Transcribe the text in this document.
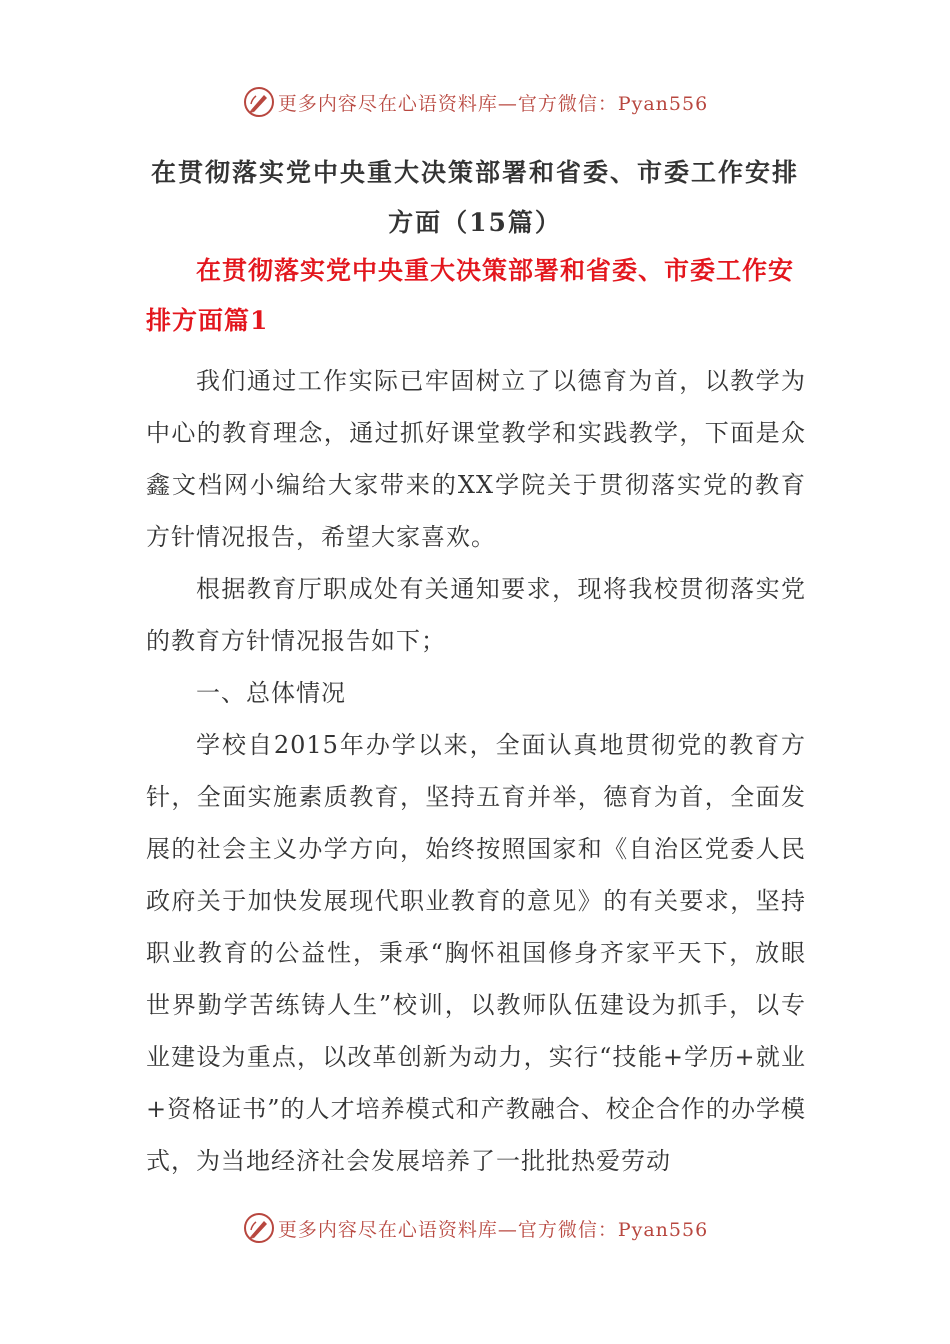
更多内容尽在心语资料库—官方微信：Pyan556
在贯彻落实党中央重大决策部署和省委、市委工作安排方面（15篇）
在贯彻落实党中央重大决策部署和省委、市委工作安排方面篇1

我们通过工作实际已牢固树立了以德育为首，以教学为中心的教育理念，通过抓好课堂教学和实践教学，下面是众鑫文档网小编给大家带来的XX学院关于贯彻落实党的教育方针情况报告，希望大家喜欢。

根据教育厅职成处有关通知要求，现将我校贯彻落实党的教育方针情况报告如下；

一、总体情况

学校自2015年办学以来，全面认真地贯彻党的教育方针，全面实施素质教育，坚持五育并举，德育为首，全面发展的社会主义办学方向，始终按照国家和《自治区党委人民政府关于加快发展现代职业教育的意见》的有关要求，坚持职业教育的公益性，秉承“胸怀祖国修身齐家平天下，放眼世界勤学苦练铸人生”校训，以教师队伍建设为抓手，以专业建设为重点，以改革创新为动力，实行“技能+学历+就业+资格证书”的人才培养模式和产教融合、校企合作的办学模式，为当地经济社会发展培养了一批批热爱劳动

更多内容尽在心语资料库—官方微信：Pyan556
